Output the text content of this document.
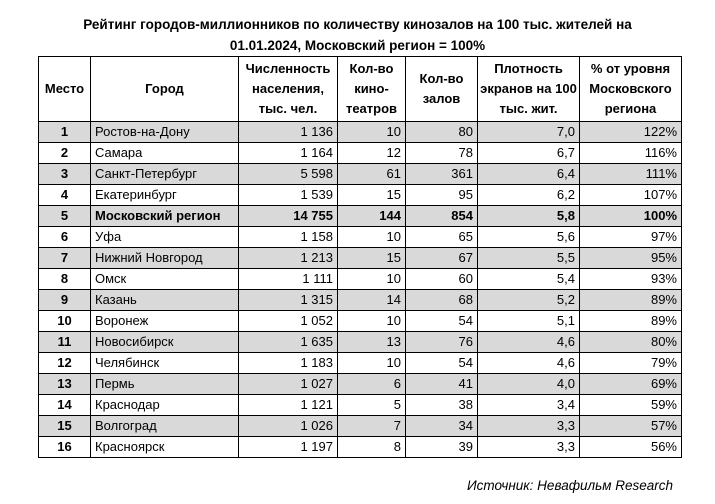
Рейтинг городов-миллионников по количеству кинозалов на 100 тыс. жителей на
01.01.2024, Московский регион = 100%
Место	Город	Численность населения, тыс. чел.	Кол-во кино-театров	Кол-во залов	Плотность экранов на 100 тыс. жит.	% от уровня Московского региона
1	Ростов-на-Дону	1 136	10	80	7,0	122%
2	Самара	1 164	12	78	6,7	116%
3	Санкт-Петербург	5 598	61	361	6,4	111%
4	Екатеринбург	1 539	15	95	6,2	107%
5	Московский регион	14 755	144	854	5,8	100%
6	Уфа	1 158	10	65	5,6	97%
7	Нижний Новгород	1 213	15	67	5,5	95%
8	Омск	1 111	10	60	5,4	93%
9	Казань	1 315	14	68	5,2	89%
10	Воронеж	1 052	10	54	5,1	89%
11	Новосибирск	1 635	13	76	4,6	80%
12	Челябинск	1 183	10	54	4,6	79%
13	Пермь	1 027	6	41	4,0	69%
14	Краснодар	1 121	5	38	3,4	59%
15	Волгоград	1 026	7	34	3,3	57%
16	Красноярск	1 197	8	39	3,3	56%
Источник: Невафильм Research
